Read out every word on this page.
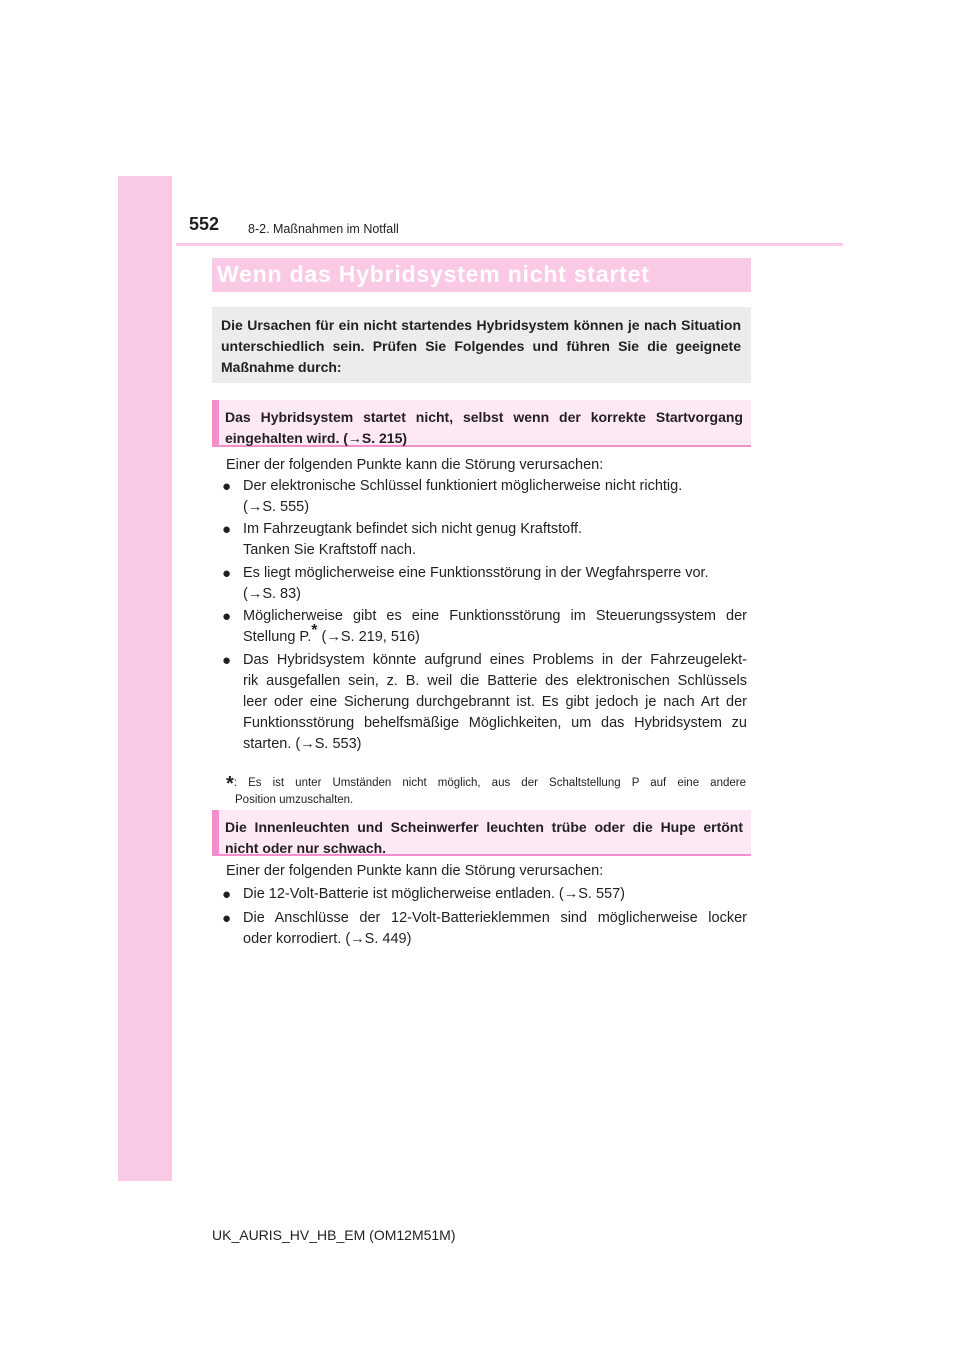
552 8-2. Maßnahmen im Notfall
Wenn das Hybridsystem nicht startet

Die Ursachen für ein nicht startendes Hybridsystem können je nach Situation unterschiedlich sein. Prüfen Sie Folgendes und führen Sie die geeignete Maßnahme durch:

Das Hybridsystem startet nicht, selbst wenn der korrekte Startvorgang eingehalten wird. (→S. 215)

Einer der folgenden Punkte kann die Störung verursachen:
● Der elektronische Schlüssel funktioniert möglicherweise nicht richtig.
(→S. 555)
● Im Fahrzeugtank befindet sich nicht genug Kraftstoff.
Tanken Sie Kraftstoff nach.
● Es liegt möglicherweise eine Funktionsstörung in der Wegfahrsperre vor.
(→S. 83)
● Möglicherweise gibt es eine Funktionsstörung im Steuerungssystem der
Stellung P.* (→S. 219, 516)
● Das Hybridsystem könnte aufgrund eines Problems in der Fahrzeugelekt-
rik ausgefallen sein, z. B. weil die Batterie des elektronischen Schlüssels
leer oder eine Sicherung durchgebrannt ist. Es gibt jedoch je nach Art der
Funktionsstörung behelfsmäßige Möglichkeiten, um das Hybridsystem zu
starten. (→S. 553)
*: Es ist unter Umständen nicht möglich, aus der Schaltstellung P auf eine andere
Position umzuschalten.

Die Innenleuchten und Scheinwerfer leuchten trübe oder die Hupe ertönt nicht oder nur schwach.

Einer der folgenden Punkte kann die Störung verursachen:
● Die 12-Volt-Batterie ist möglicherweise entladen. (→S. 557)
● Die Anschlüsse der 12-Volt-Batterieklemmen sind möglicherweise locker
oder korrodiert. (→S. 449)
UK_AURIS_HV_HB_EM (OM12M51M)
